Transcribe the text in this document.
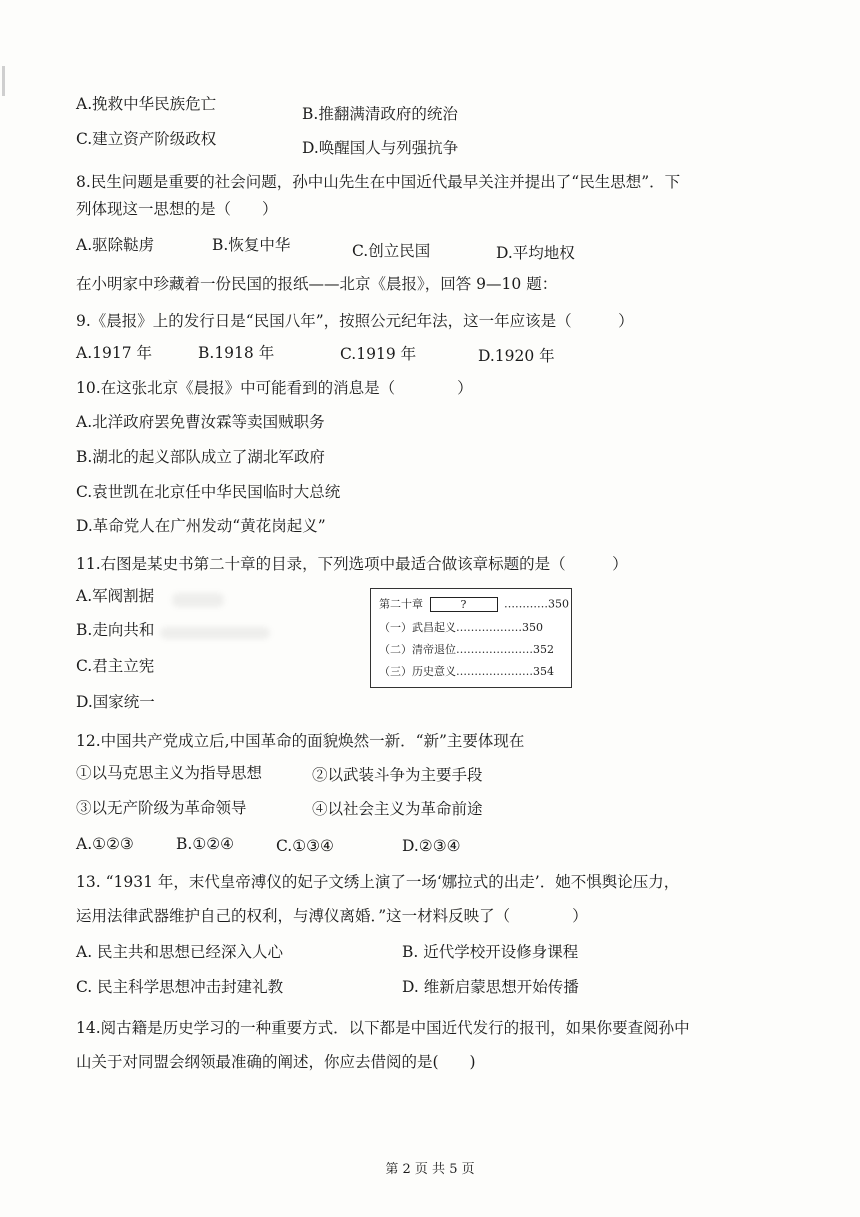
A.挽救中华民族危亡
B.推翻满清政府的统治
C.建立资产阶级政权	D.唤醒国人与列强抗争
8.民生问题是重要的社会问题，孙中山先生在中国近代最早关注并提出了“民生思想”．下
列体现这一思想的是（　　）
A.驱除鞑虏	B.恢复中华	C.创立民国	D.平均地权
在小明家中珍藏着一份民国的报纸——北京《晨报》，回答 9—10 题：
9.《晨报》上的发行日是“民国八年”，按照公元纪年法，这一年应该是（　　　）
A.1917 年	B.1918 年	C.1919 年	D.1920 年
10.在这张北京《晨报》中可能看到的消息是（　　　　）
A.北洋政府罢免曹汝霖等卖国贼职务
B.湖北的起义部队成立了湖北军政府
C.袁世凯在北京任中华民国临时大总统
D.革命党人在广州发动“黄花岗起义”
11.右图是某史书第二十章的目录，下列选项中最适合做该章标题的是（　　　）
A.军阀割据
B.走向共和
C.君主立宪
D.国家统一
第二十章	?	…………350
（一）武昌起义………………350
（二）清帝退位…………………352
（三）历史意义…………………354
12.中国共产党成立后,中国革命的面貌焕然一新．“新”主要体现在
①以马克思主义为指导思想	②以武装斗争为主要手段
③以无产阶级为革命领导	④以社会主义为革命前途
A.①②③	B.①②④	C.①③④	D.②③④
13. “1931 年，末代皇帝溥仪的妃子文绣上演了一场‘娜拉式的出走’．她不惧舆论压力，
运用法律武器维护自己的权利，与溥仪离婚．”这一材料反映了（　　　　）
A. 民主共和思想已经深入人心	B. 近代学校开设修身课程
C. 民主科学思想冲击封建礼教	D. 维新启蒙思想开始传播
14.阅古籍是历史学习的一种重要方式．以下都是中国近代发行的报刊，如果你要查阅孙中
山关于对同盟会纲领最准确的阐述，你应去借阅的是(　　)
第 2 页 共 5 页
